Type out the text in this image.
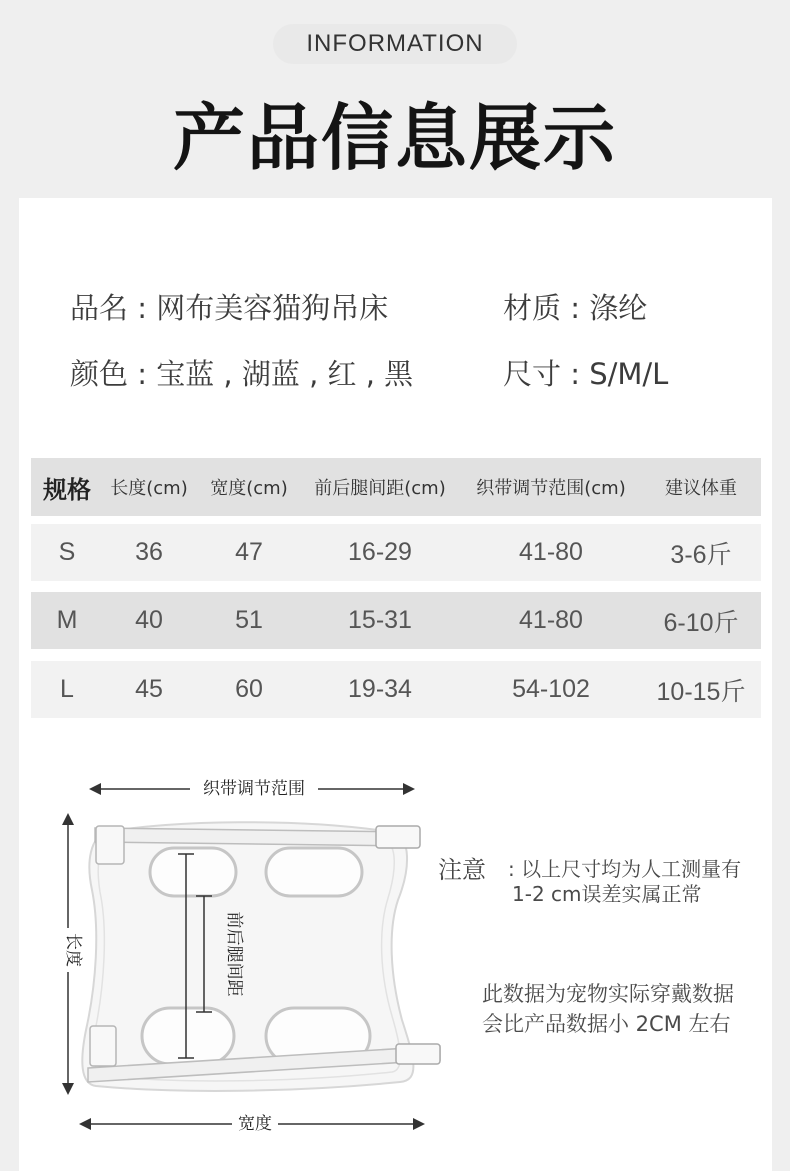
INFORMATION
产品信息展示
品名 : 网布美容猫狗吊床	材质 : 涤纶
颜色 : 宝蓝 , 湖蓝 , 红 , 黑	尺寸 : S/M/L
规格	长度(cm)	宽度(cm)	前后腿间距(cm)	织带调节范围(cm)	建议体重
S	36	47	16-29	41-80	3-6斤
M	40	51	15-31	41-80	6-10斤
L	45	60	19-34	54-102	10-15斤
织带调节范围
长度	前后腿间距
宽度
注意 : 以上尺寸均为人工测量有
1-2 cm误差实属正常
此数据为宠物实际穿戴数据
会比产品数据小 2CM 左右
